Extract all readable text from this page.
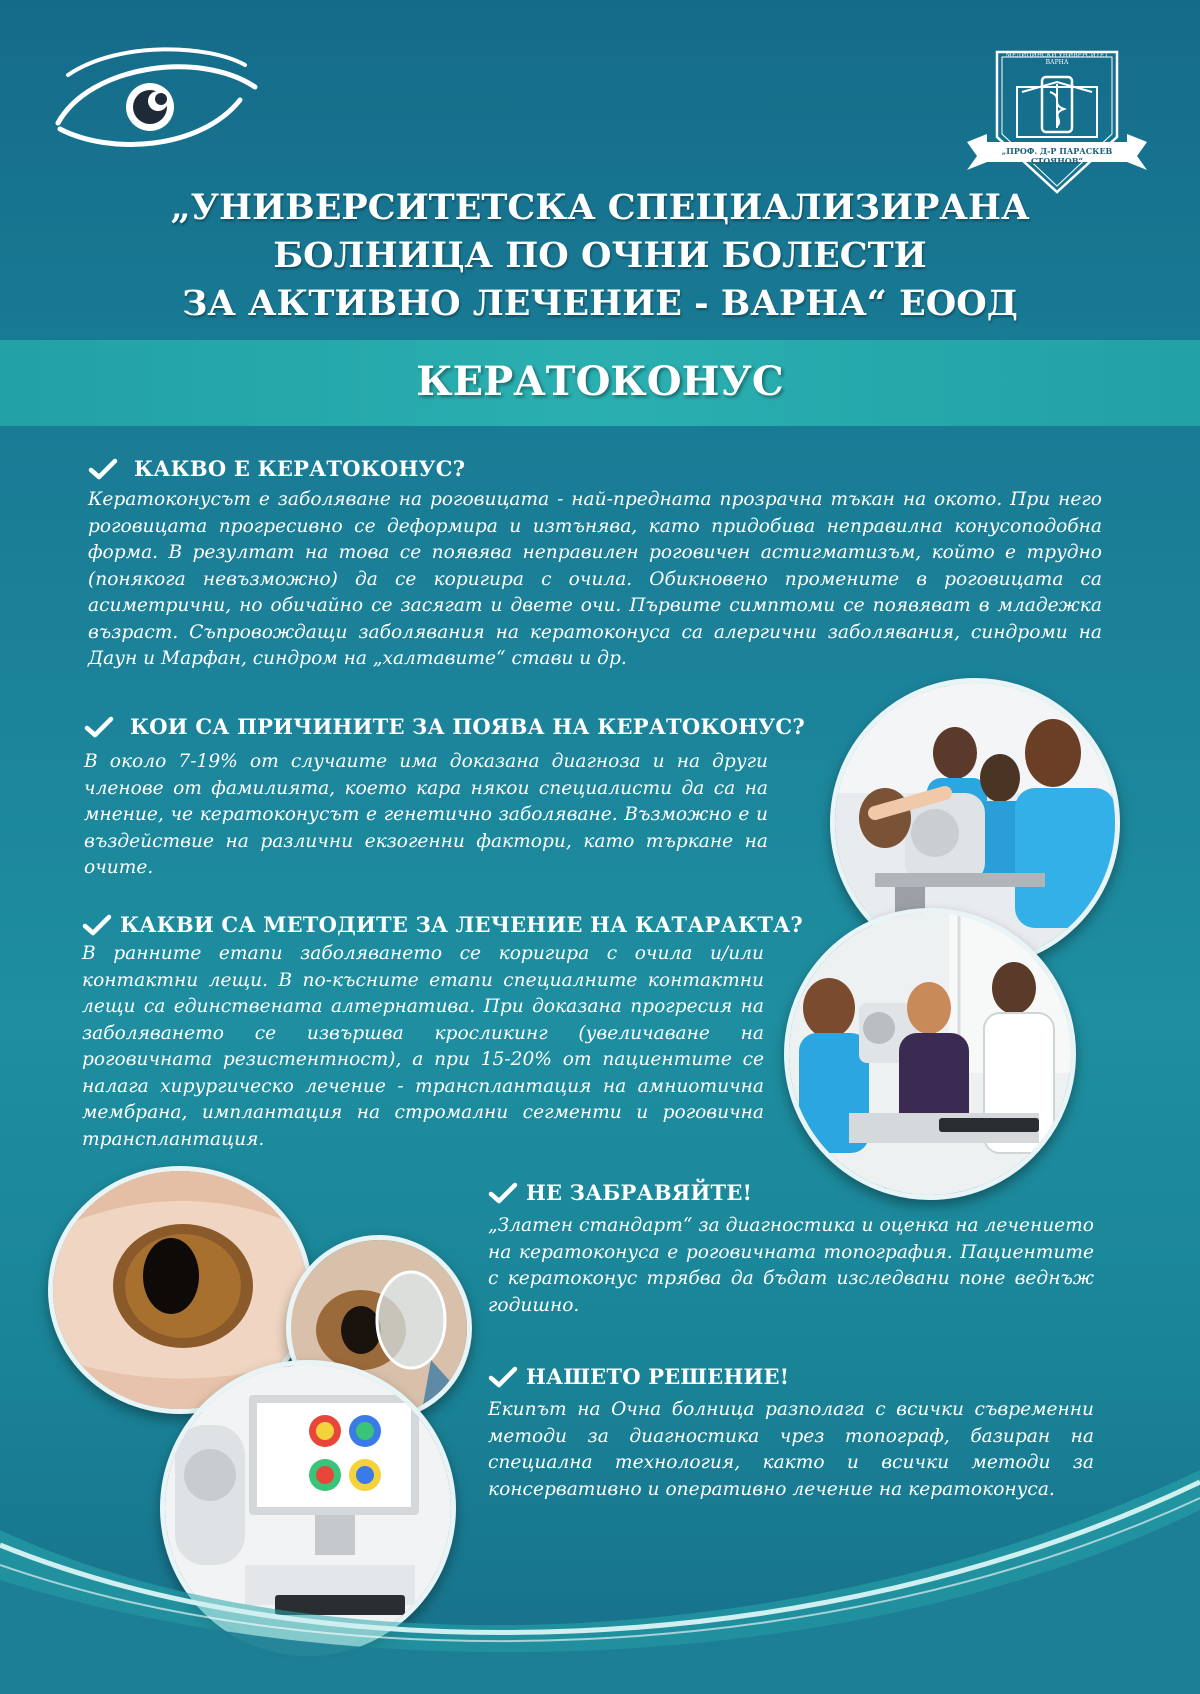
МЕДИЦИНСКИ УНИВЕРСИТЕТ ВАРНА
„ПРОФ. Д-Р ПАРАСКЕВ СТОЯНОВ“
„УНИВЕРСИТЕТСКА СПЕЦИАЛИЗИРАНА
БОЛНИЦА ПО ОЧНИ БОЛЕСТИ
ЗА АКТИВНО ЛЕЧЕНИЕ - ВАРНА“ ЕООД
КЕРАТОКОНУС
КАКВО Е КЕРАТОКОНУС?

Кератоконусът е заболяване на роговицата - най-предната прозрачна тъкан на окото. При него роговицата прогресивно се деформира и изтънява, като придобива неправилна конусоподобна форма. В резултат на това се появява неправилен роговичен астигматизъм, който е трудно (понякога невъзможно) да се коригира с очила. Обикновено промените в роговицата са асиметрични, но обичайно се засягат и двете очи. Първите симптоми се появяват в младежка възраст. Съпровождащи заболявания на кератоконуса са алергични заболявания, синдроми на Даун и Марфан, синдром на „халтавите“ стави и др.

КОИ СА ПРИЧИНИТЕ ЗА ПОЯВА НА КЕРАТОКОНУС?

В около 7-19% от случаите има доказана диагноза и на други членове от фамилията, което кара някои специалисти да са на мнение, че кератоконусът е генетично заболяване. Възможно е и въздействие на различни екзогенни фактори, като търкане на очите.

КАКВИ СА МЕТОДИТЕ ЗА ЛЕЧЕНИЕ НА КАТАРАКТА?

В ранните етапи заболяването се коригира с очила и/или контактни лещи. В по-късните етапи специалните контактни лещи са единствената алтернатива. При доказана прогресия на заболяването се извършва кросликинг (увеличаване на роговичната резистентност), а при 15-20% от пациентите се налага хирургическо лечение - трансплантация на амниотична мембрана, имплантация на стромални сегменти и роговична трансплантация.

НЕ ЗАБРАВЯЙТЕ!

„Златен стандарт“ за диагностика и оценка на лечението на кератоконуса е роговичната топография. Пациентите с кератоконус трябва да бъдат изследвани поне веднъж годишно.

НАШЕТО РЕШЕНИЕ!

Екипът на Очна болница разполага с всички съвременни методи за диагностика чрез топограф, базиран на специална технология, както и всички методи за консервативно и оперативно лечение на кератоконуса.
